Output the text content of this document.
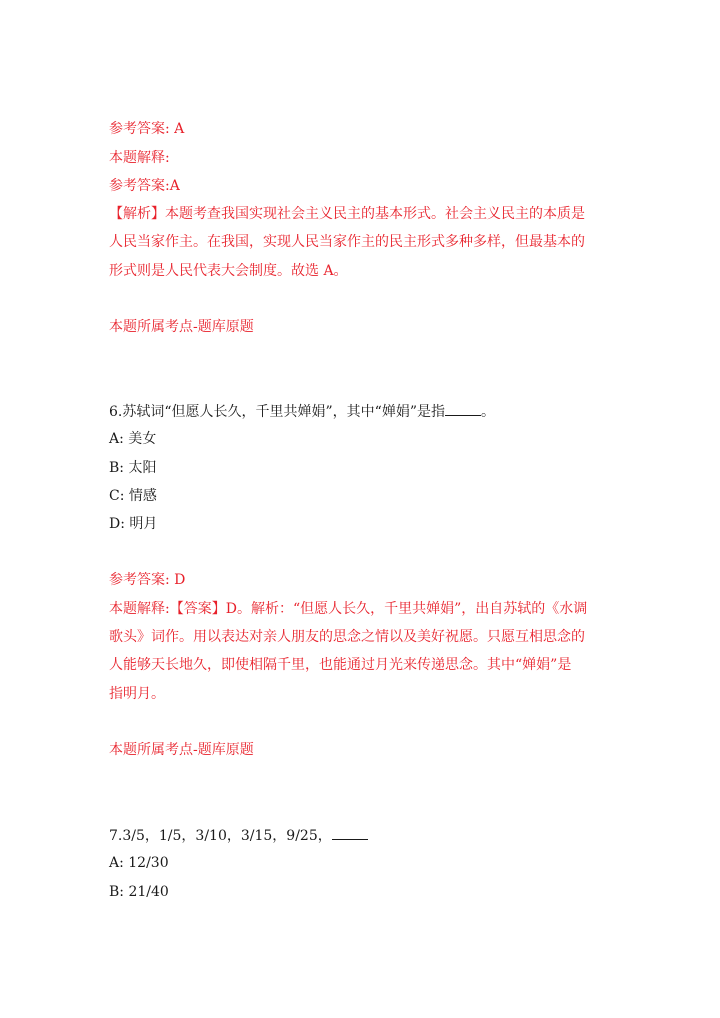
参考答案: A
本题解释:
参考答案:A
【解析】本题考查我国实现社会主义民主的基本形式。社会主义民主的本质是
人民当家作主。在我国，实现人民当家作主的民主形式多种多样，但最基本的
形式则是人民代表大会制度。故选 A。
本题所属考点-题库原题
6.苏轼词“但愿人长久，千里共婵娟”，其中“婵娟”是指	。
A: 美女
B: 太阳
C: 情感
D: 明月
参考答案: D
本题解释:【答案】D。解析：“但愿人长久，千里共婵娟”，出自苏轼的《水调
歌头》词作。用以表达对亲人朋友的思念之情以及美好祝愿。只愿互相思念的
人能够天长地久，即使相隔千里，也能通过月光来传递思念。其中“婵娟”是
指明月。
本题所属考点-题库原题
7.3/5，1/5，3/10，3/15，9/25，
A: 12/30
B: 21/40
